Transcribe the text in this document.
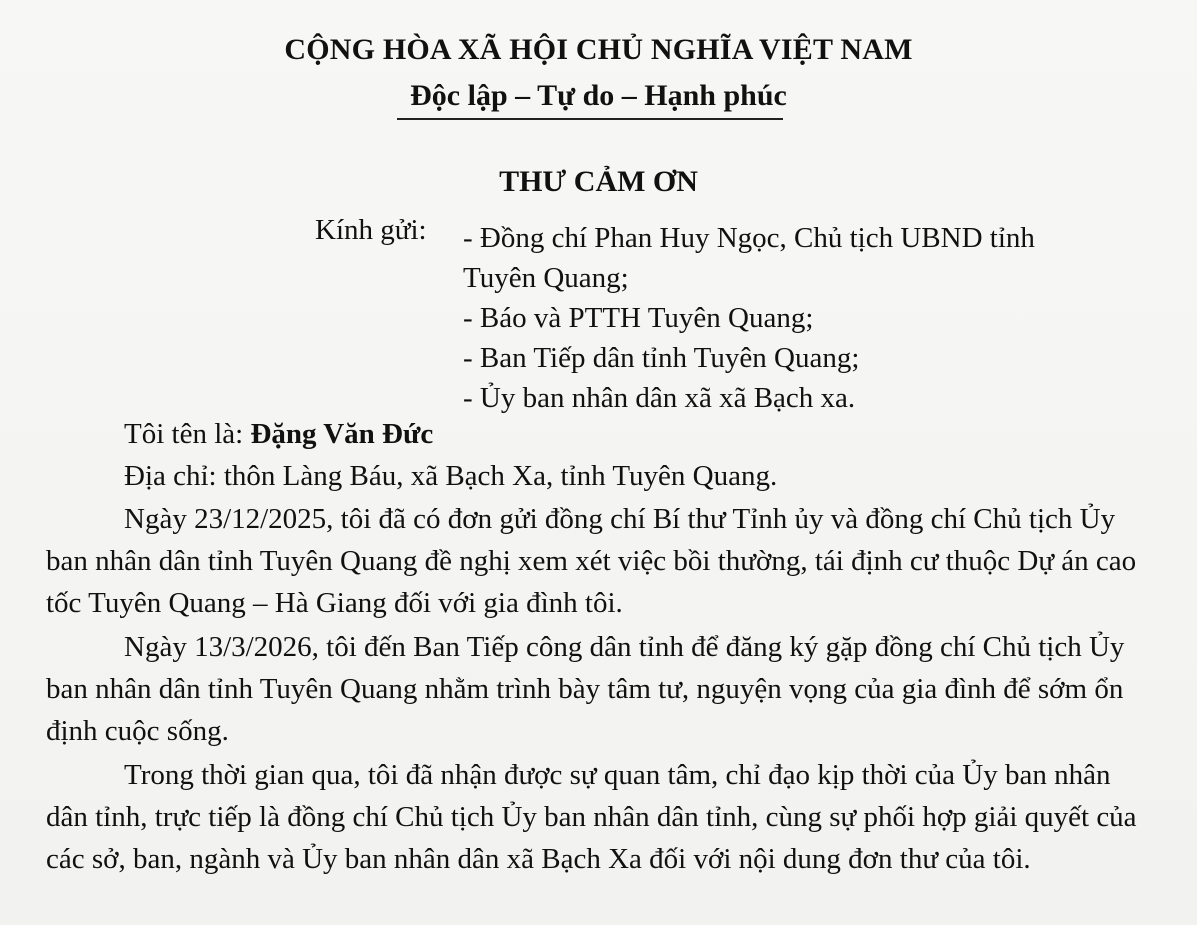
CỘNG HÒA XÃ HỘI CHỦ NGHĨA VIỆT NAM
Độc lập – Tự do – Hạnh phúc
THƯ CẢM ƠN
Kính gửi: - Đồng chí Phan Huy Ngọc, Chủ tịch UBND tỉnh Tuyên Quang;
- Báo và PTTH Tuyên Quang;
- Ban Tiếp dân tỉnh Tuyên Quang;
- Ủy ban nhân dân xã xã Bạch xa.
Tôi tên là: Đặng Văn Đức
Địa chỉ: thôn Làng Báu, xã Bạch Xa, tỉnh Tuyên Quang.

Ngày 23/12/2025, tôi đã có đơn gửi đồng chí Bí thư Tỉnh ủy và đồng chí Chủ tịch Ủy ban nhân dân tỉnh Tuyên Quang đề nghị xem xét việc bồi thường, tái định cư thuộc Dự án cao tốc Tuyên Quang – Hà Giang đối với gia đình tôi.

Ngày 13/3/2026, tôi đến Ban Tiếp công dân tỉnh để đăng ký gặp đồng chí Chủ tịch Ủy ban nhân dân tỉnh Tuyên Quang nhằm trình bày tâm tư, nguyện vọng của gia đình để sớm ổn định cuộc sống.

Trong thời gian qua, tôi đã nhận được sự quan tâm, chỉ đạo kịp thời của Ủy ban nhân dân tỉnh, trực tiếp là đồng chí Chủ tịch Ủy ban nhân dân tỉnh, cùng sự phối hợp giải quyết của các sở, ban, ngành và Ủy ban nhân dân xã Bạch Xa đối với nội dung đơn thư của tôi.
